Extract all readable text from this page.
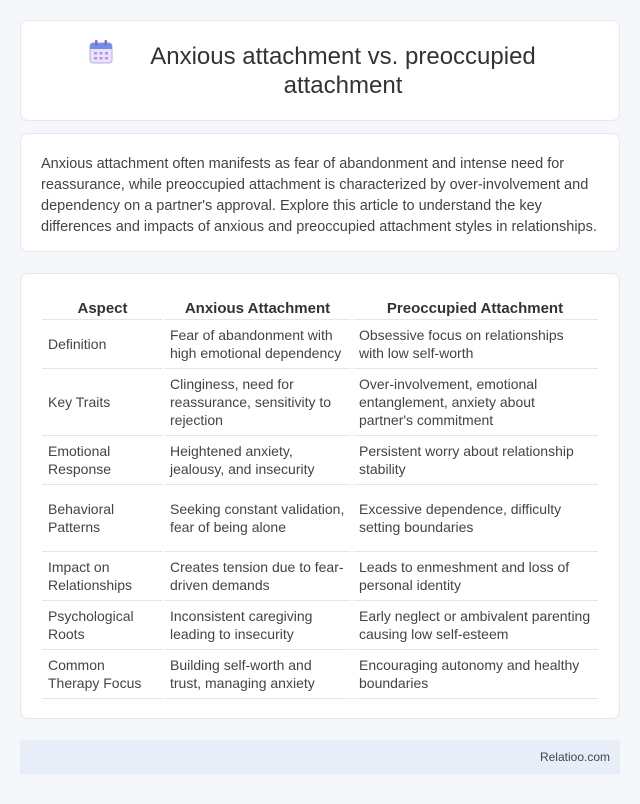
Anxious attachment vs. preoccupied attachment

Anxious attachment often manifests as fear of abandonment and intense need for reassurance, while preoccupied attachment is characterized by over-involvement and dependency on a partner's approval. Explore this article to understand the key differences and impacts of anxious and preoccupied attachment styles in relationships.

Aspect	Anxious Attachment	Preoccupied Attachment
Definition	Fear of abandonment with high emotional dependency	Obsessive focus on relationships with low self-worth
Key Traits	Clinginess, need for reassurance, sensitivity to rejection	Over-involvement, emotional entanglement, anxiety about partner's commitment
Emotional Response	Heightened anxiety, jealousy, and insecurity	Persistent worry about relationship stability
Behavioral Patterns	Seeking constant validation, fear of being alone	Excessive dependence, difficulty setting boundaries
Impact on Relationships	Creates tension due to fear-driven demands	Leads to enmeshment and loss of personal identity
Psychological Roots	Inconsistent caregiving leading to insecurity	Early neglect or ambivalent parenting causing low self-esteem
Common Therapy Focus	Building self-worth and trust, managing anxiety	Encouraging autonomy and healthy boundaries
Relatioo.com
